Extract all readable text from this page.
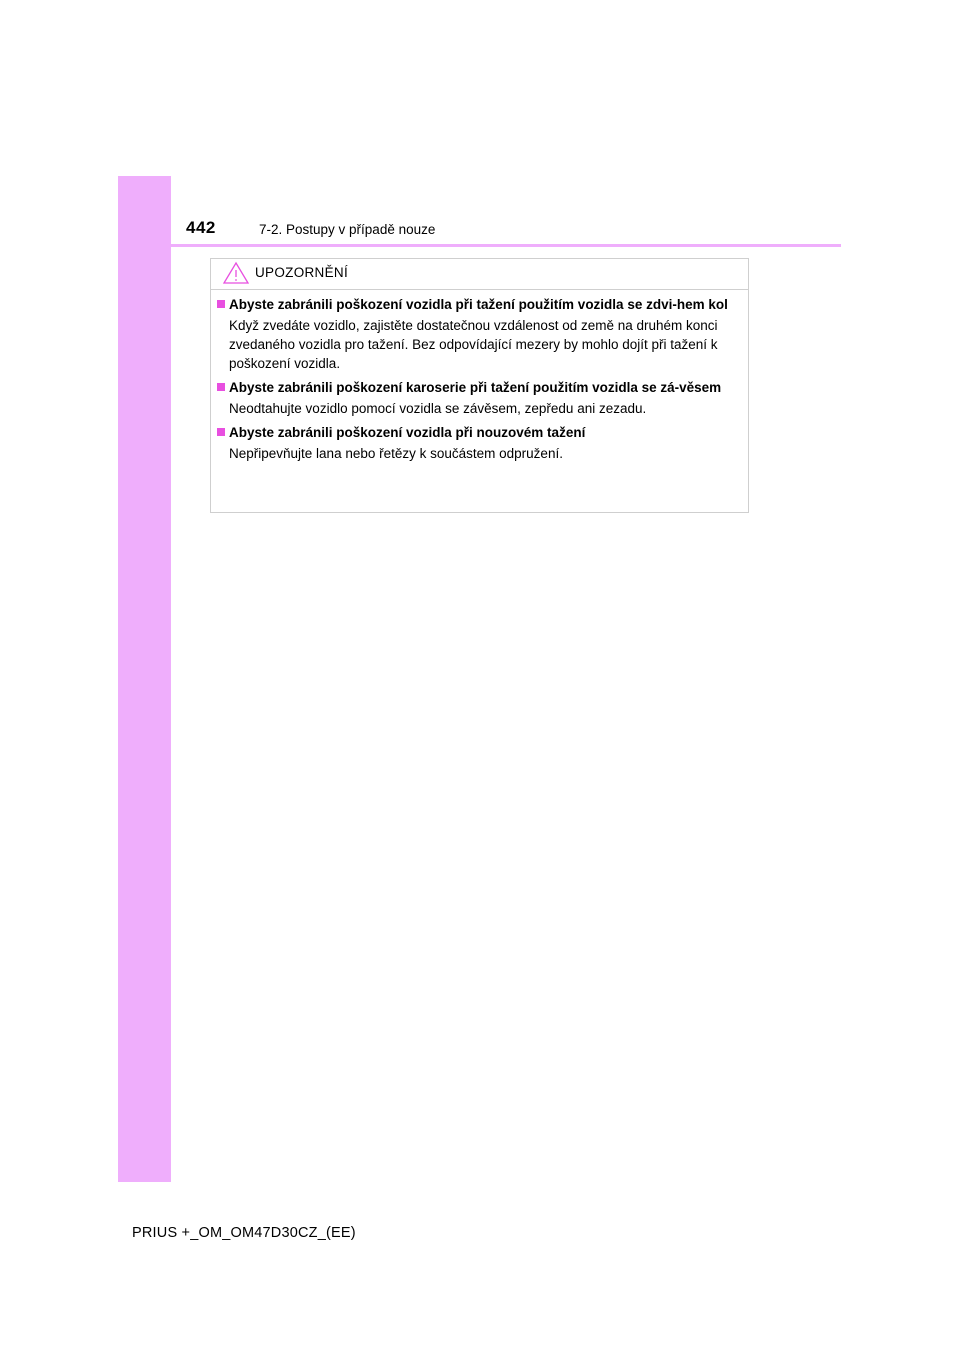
442	7-2. Postupy v případě nouze
UPOZORNĚNÍ
Abyste zabránili poškození vozidla při tažení použitím vozidla se zdvi-hem kol
Když zvedáte vozidlo, zajistěte dostatečnou vzdálenost od země na druhém konci zvedaného vozidla pro tažení. Bez odpovídající mezery by mohlo dojít při tažení k poškození vozidla.
Abyste zabránili poškození karoserie při tažení použitím vozidla se zá-věsem
Neodtahujte vozidlo pomocí vozidla se závěsem, zepředu ani zezadu.
Abyste zabránili poškození vozidla při nouzovém tažení
Nepřipevňujte lana nebo řetězy k součástem odpružení.
PRIUS +_OM_OM47D30CZ_(EE)
